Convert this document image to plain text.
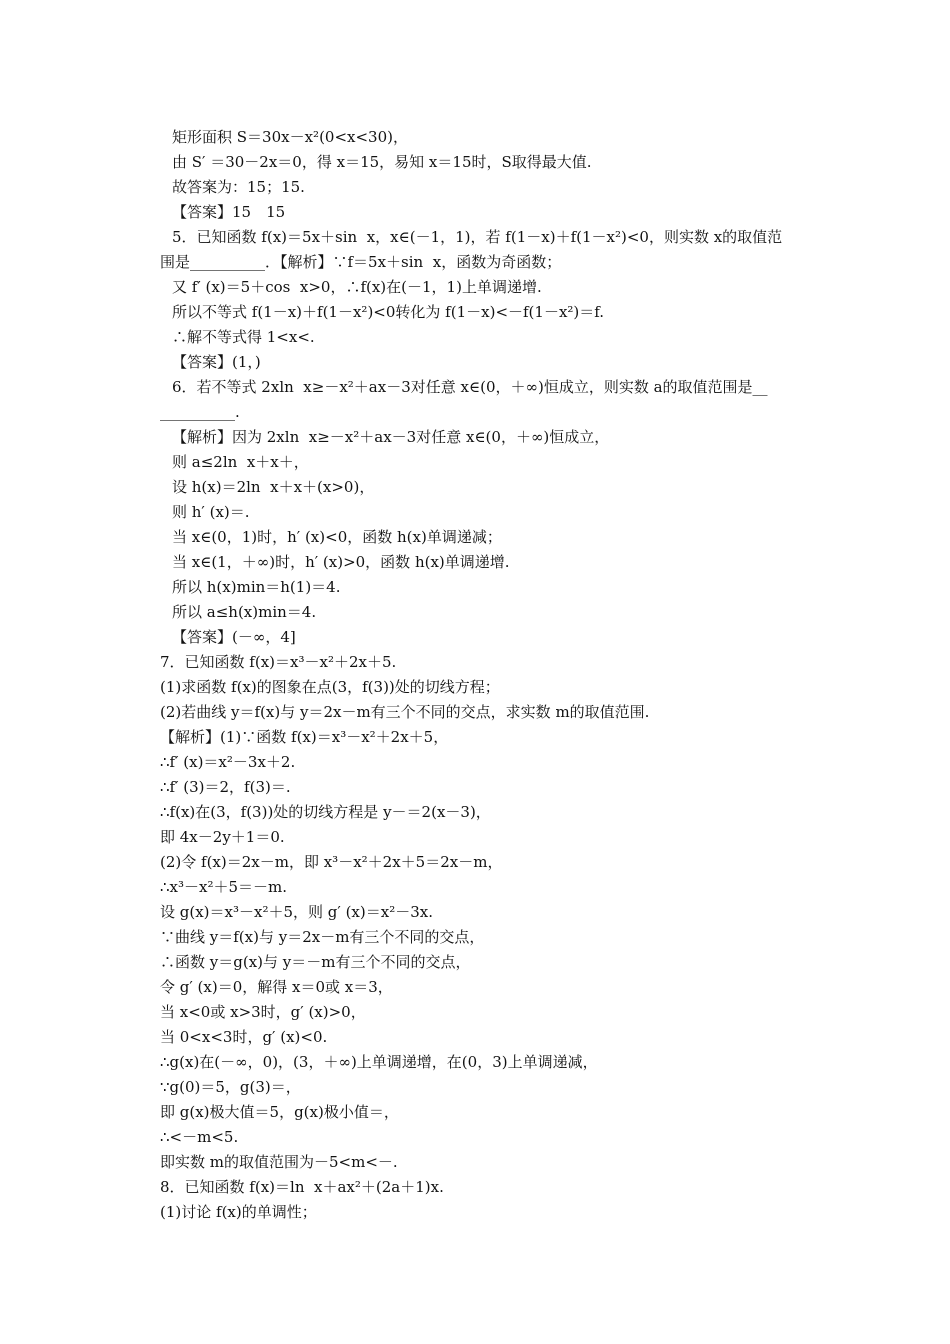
矩形面积 S＝30x－x²(0<x<30)，
由 S′ ＝30－2x＝0，得 x＝15，易知 x＝15时，S取得最大值.
故答案为：15；15.
【答案】15　15
5．已知函数 f(x)＝5x＋sin  x，x∈(－1，1)，若 f(1－x)＋f(1－x²)<0，则实数 x的取值范
围是__________．【解析】∵f＝5x＋sin  x，函数为奇函数；
又 f′ (x)＝5＋cos  x>0，∴f(x)在(－1，1)上单调递增.
所以不等式 f(1－x)＋f(1－x²)<0转化为 f(1－x)<－f(1－x²)＝f.
∴解不等式得 1<x<.
【答案】(1，)
6．若不等式 2xln  x≥－x²＋ax－3对任意 x∈(0，＋∞)恒成立，则实数 a的取值范围是__
__________.
【解析】因为 2xln  x≥－x²＋ax－3对任意 x∈(0，＋∞)恒成立，
则 a≤2ln  x＋x＋，
设 h(x)＝2ln  x＋x＋(x>0)，
则 h′ (x)＝.
当 x∈(0，1)时，h′ (x)<0，函数 h(x)单调递减；
当 x∈(1，＋∞)时，h′ (x)>0，函数 h(x)单调递增.
所以 h(x)min＝h(1)＝4.
所以 a≤h(x)min＝4.
【答案】(－∞，4]
7．已知函数 f(x)＝x³－x²＋2x＋5.
(1)求函数 f(x)的图象在点(3，f(3))处的切线方程；
(2)若曲线 y＝f(x)与 y＝2x－m有三个不同的交点，求实数 m的取值范围.
【解析】(1)∵函数 f(x)＝x³－x²＋2x＋5，
∴f′ (x)＝x²－3x＋2.
∴f′ (3)＝2，f(3)＝.
∴f(x)在(3，f(3))处的切线方程是 y－＝2(x－3)，
即 4x－2y＋1＝0.
(2)令 f(x)＝2x－m，即 x³－x²＋2x＋5＝2x－m，
∴x³－x²＋5＝－m.
设 g(x)＝x³－x²＋5，则 g′ (x)＝x²－3x.
∵曲线 y＝f(x)与 y＝2x－m有三个不同的交点，
∴函数 y＝g(x)与 y＝－m有三个不同的交点，
令 g′ (x)＝0，解得 x＝0或 x＝3，
当 x<0或 x>3时，g′ (x)>0，
当 0<x<3时，g′ (x)<0.
∴g(x)在(－∞，0)，(3，＋∞)上单调递增，在(0，3)上单调递减，
∵g(0)＝5，g(3)＝，
即 g(x)极大值＝5，g(x)极小值＝，
∴<－m<5.
即实数 m的取值范围为－5<m<－.
8．已知函数 f(x)＝ln  x＋ax²＋(2a＋1)x.
(1)讨论 f(x)的单调性；
